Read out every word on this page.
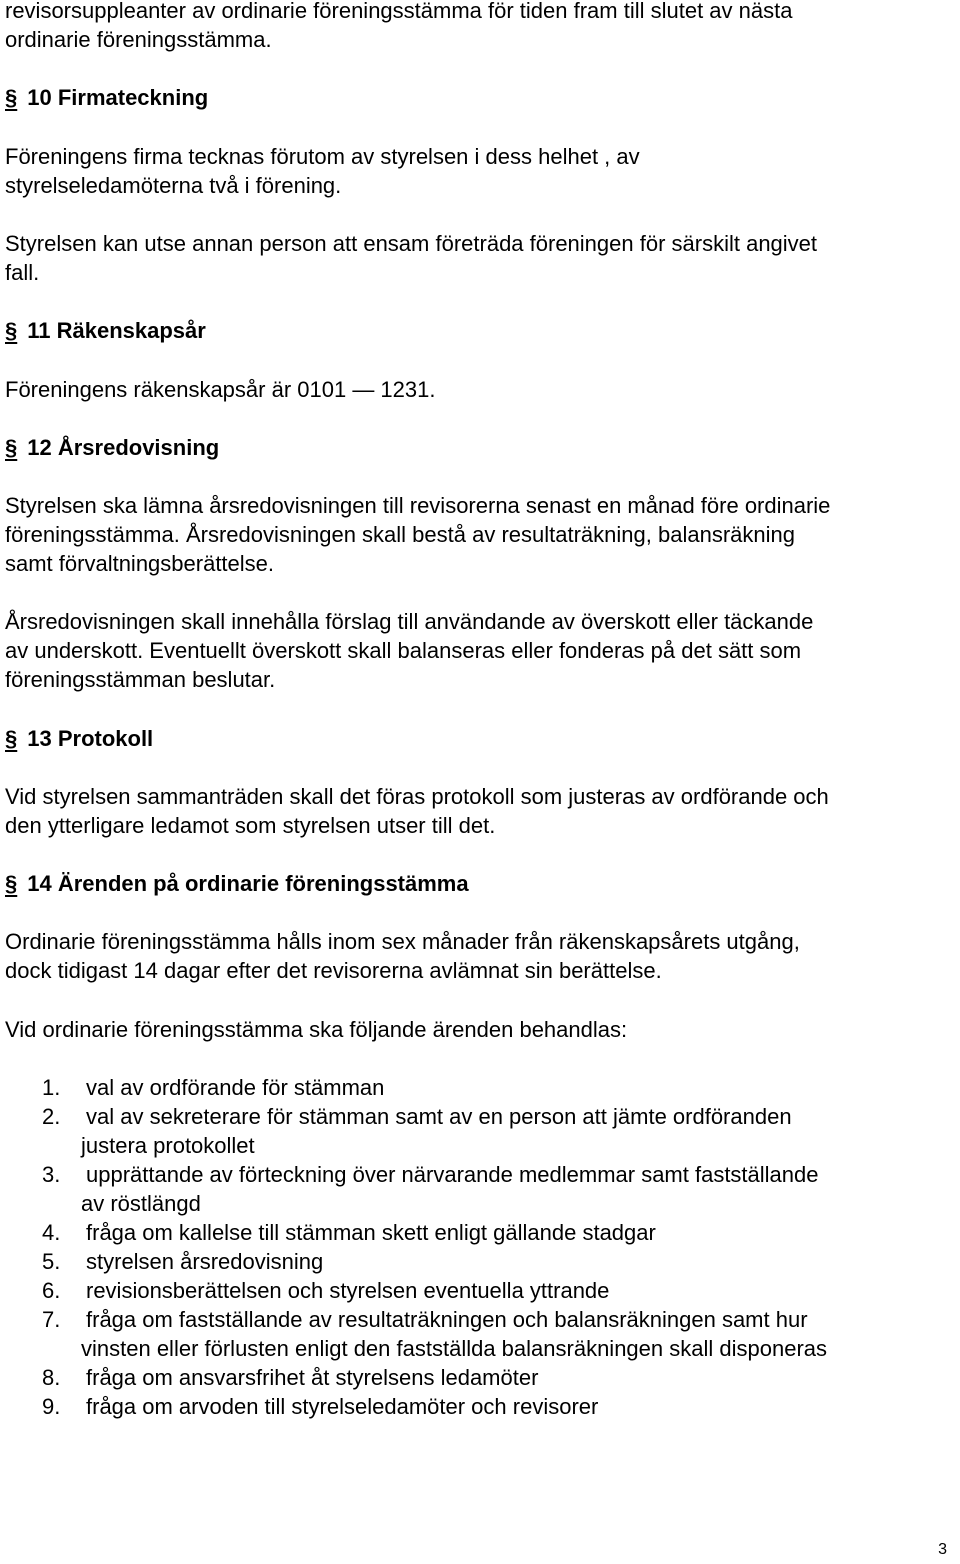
revisorsuppleanter av ordinarie föreningsstämma för tiden fram till slutet av nästa
ordinarie föreningsstämma.
§ 10 Firmateckning
Föreningens firma tecknas förutom av styrelsen i dess helhet , av
styrelseledamöterna två i förening.
Styrelsen kan utse annan person att ensam företräda föreningen för särskilt angivet
fall.
§ 11 Räkenskapsår
Föreningens räkenskapsår är 0101 — 1231.
§ 12 Årsredovisning
Styrelsen ska lämna årsredovisningen till revisorerna senast en månad före ordinarie
föreningsstämma. Årsredovisningen skall bestå av resultaträkning, balansräkning
samt förvaltningsberättelse.
Årsredovisningen skall innehålla förslag till användande av överskott eller täckande
av underskott. Eventuellt överskott skall balanseras eller fonderas på det sätt som
föreningsstämman beslutar.
§ 13 Protokoll
Vid styrelsen sammanträden skall det föras protokoll som justeras av ordförande och
den ytterligare ledamot som styrelsen utser till det.
§ 14 Ärenden på ordinarie föreningsstämma
Ordinarie föreningsstämma hålls inom sex månader från räkenskapsårets utgång,
dock tidigast 14 dagar efter det revisorerna avlämnat sin berättelse.
Vid ordinarie föreningsstämma ska följande ärenden behandlas:
1. val av ordförande för stämman
2. val av sekreterare för stämman samt av en person att jämte ordföranden
justera protokollet
3. upprättande av förteckning över närvarande medlemmar samt fastställande
av röstlängd
4. fråga om kallelse till stämman skett enligt gällande stadgar
5. styrelsen årsredovisning
6. revisionsberättelsen och styrelsen eventuella yttrande
7. fråga om fastställande av resultaträkningen och balansräkningen samt hur
vinsten eller förlusten enligt den fastställda balansräkningen skall disponeras
8. fråga om ansvarsfrihet åt styrelsens ledamöter
9. fråga om arvoden till styrelseledamöter och revisorer
3
